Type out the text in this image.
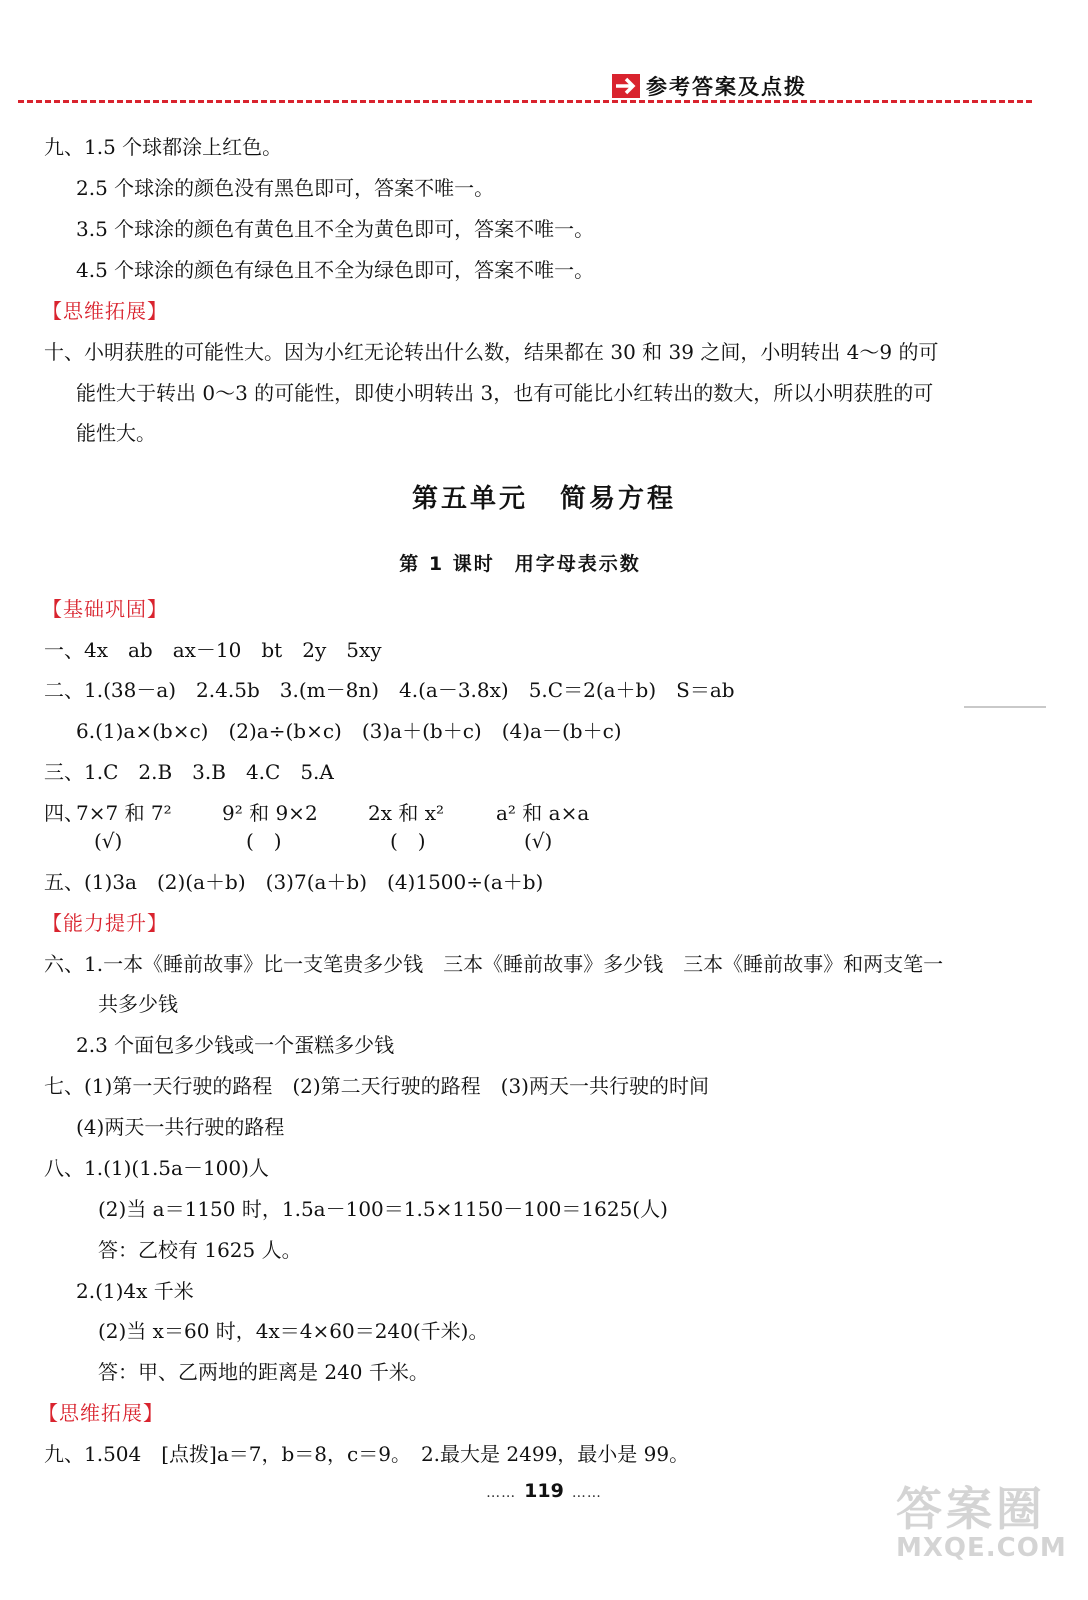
参考答案及点拨
九、1.5 个球都涂上红色。
2.5 个球涂的颜色没有黑色即可，答案不唯一。
3.5 个球涂的颜色有黄色且不全为黄色即可，答案不唯一。
4.5 个球涂的颜色有绿色且不全为绿色即可，答案不唯一。
【思维拓展】
十、小明获胜的可能性大。因为小红无论转出什么数，结果都在 30 和 39 之间，小明转出 4～9 的可
能性大于转出 0～3 的可能性，即使小明转出 3，也有可能比小红转出的数大，所以小明获胜的可
能性大。
第五单元 简易方程
第 1 课时 用字母表示数
【基础巩固】
一、4x　ab　ax－10　bt　2y　5xy
二、1.(38－a)　2.4.5b　3.(m－8n)　4.(a－3.8x)　5.C＝2(a＋b)　S＝ab
6.(1)a×(b×c)　(2)a÷(b×c)　(3)a＋(b＋c)　(4)a－(b＋c)
三、1.C　2.B　3.B　4.C　5.A
四、
7×7 和 7²
(√)
9² 和 9×2
(　)
2x 和 x²
(　)
a² 和 a×a
(√)
五、(1)3a　(2)(a＋b)　(3)7(a＋b)　(4)1500÷(a＋b)
【能力提升】
六、1.一本《睡前故事》比一支笔贵多少钱　三本《睡前故事》多少钱　三本《睡前故事》和两支笔一
共多少钱
2.3 个面包多少钱或一个蛋糕多少钱
七、(1)第一天行驶的路程　(2)第二天行驶的路程　(3)两天一共行驶的时间
(4)两天一共行驶的路程
八、1.(1)(1.5a－100)人
(2)当 a＝1150 时，1.5a－100＝1.5×1150－100＝1625(人)
答：乙校有 1625 人。
2.(1)4x 千米
(2)当 x＝60 时，4x＝4×60＝240(千米)。
答：甲、乙两地的距离是 240 千米。
【思维拓展】
九、1.504　[点拨]a＝7，b＝8，c＝9。　2.最大是 2499，最小是 99。
…… 119 ……	答案圈
MXQE.COM
